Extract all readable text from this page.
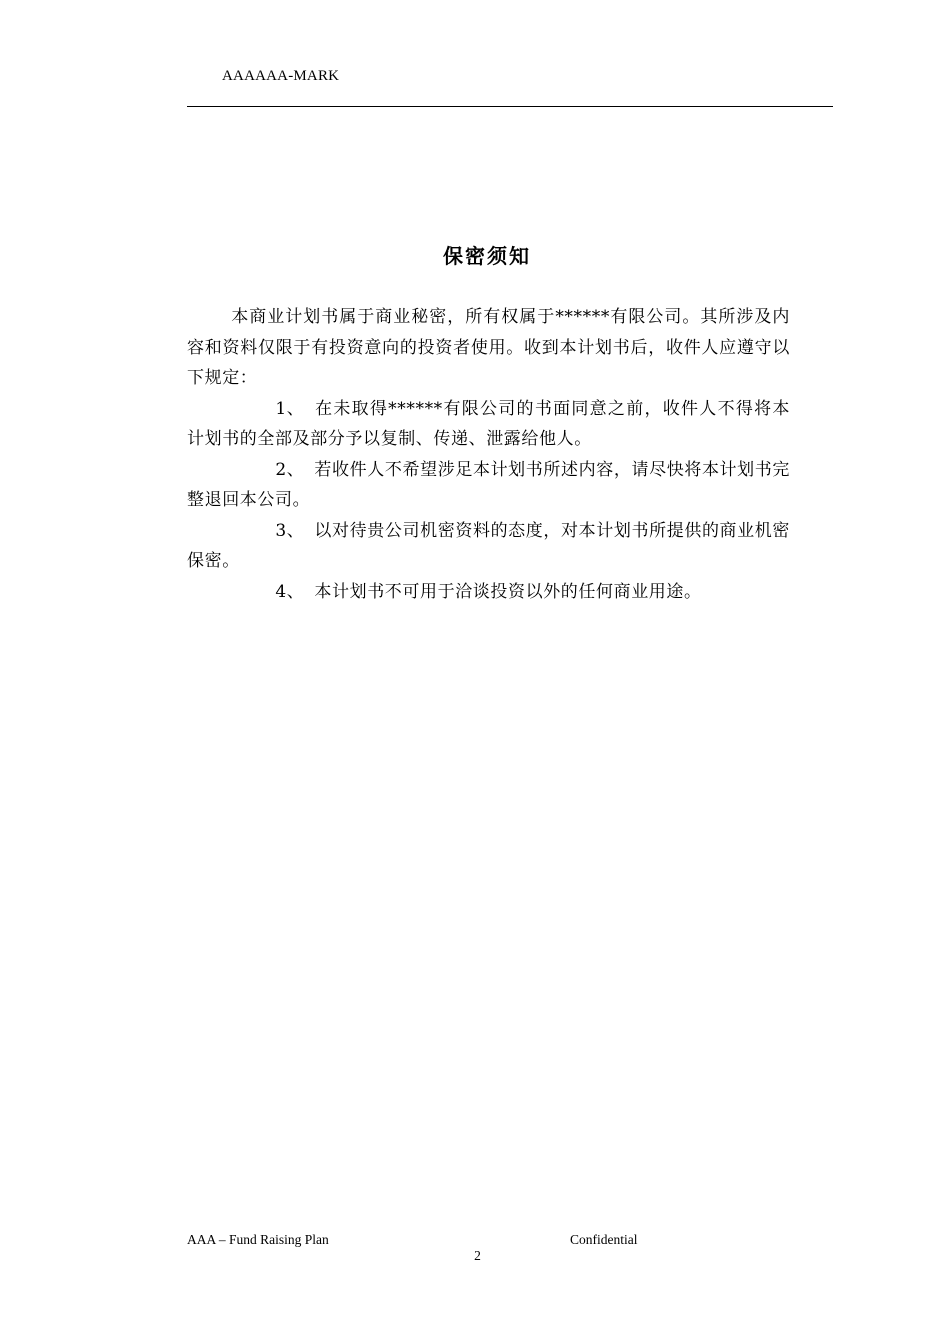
AAAAAA-MARK
保密须知

本商业计划书属于商业秘密，所有权属于******有限公司。其所涉及内容和资料仅限于有投资意向的投资者使用。收到本计划书后，收件人应遵守以下规定：

1、 在未取得******有限公司的书面同意之前，收件人不得将本计划书的全部及部分予以复制、传递、泄露给他人。

2、 若收件人不希望涉足本计划书所述内容，请尽快将本计划书完整退回本公司。

3、 以对待贵公司机密资料的态度，对本计划书所提供的商业机密保密。

4、 本计划书不可用于洽谈投资以外的任何商业用途。

AAA – Fund Raising Plan	Confidential
2
